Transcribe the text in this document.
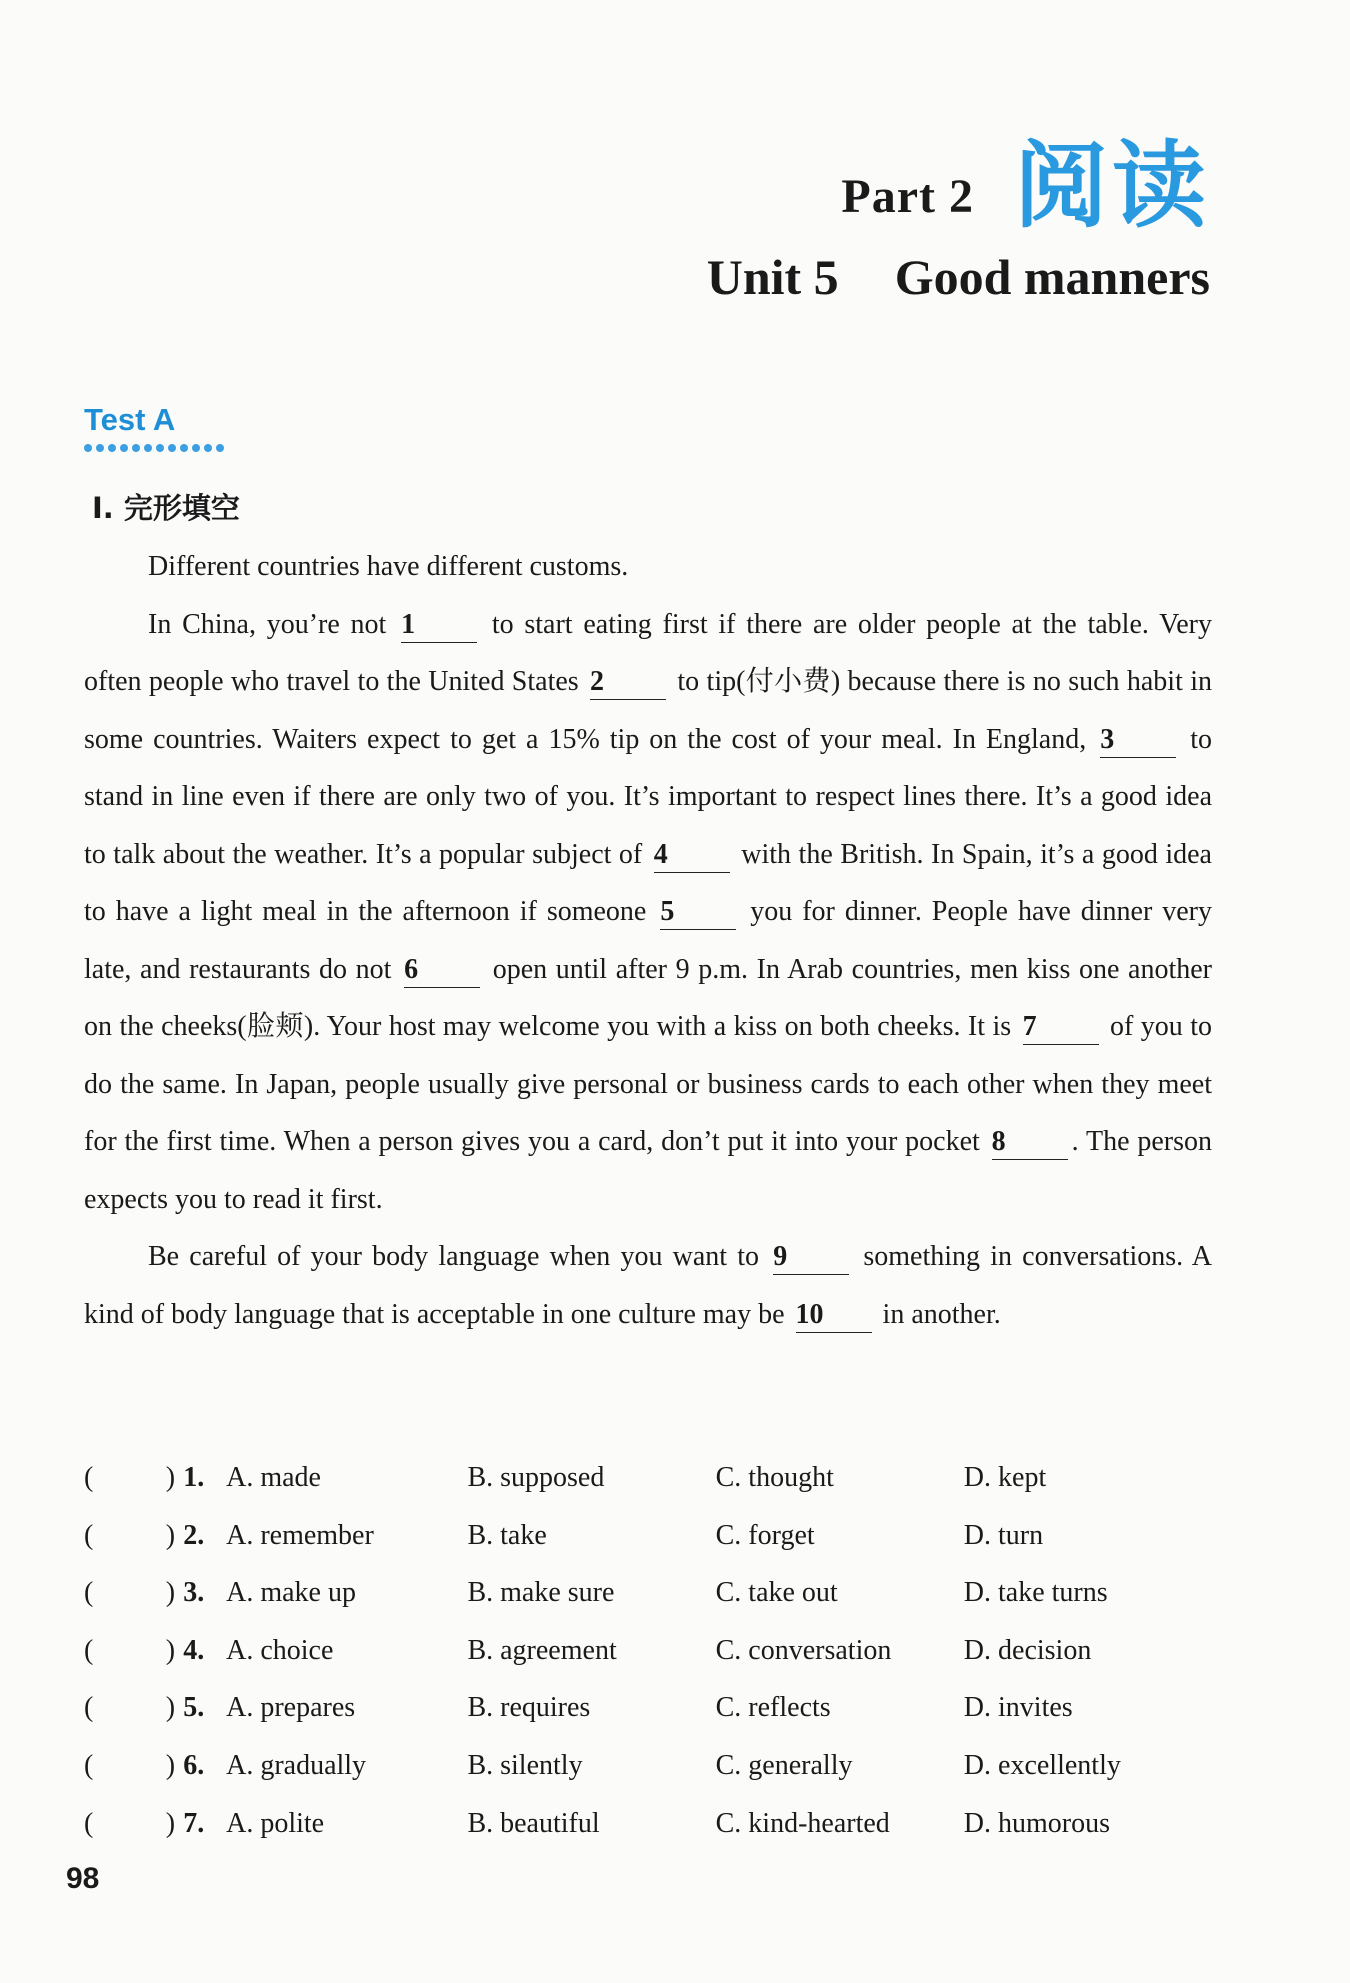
Part 2 阅读
Unit 5 Good manners
Test A
Ⅰ. 完形填空

Different countries have different customs.

In China, you’re not 1 to start eating first if there are older people at the table. Very often people who travel to the United States 2 to tip(付小费) because there is no such habit in some countries. Waiters expect to get a 15% tip on the cost of your meal. In England, 3 to stand in line even if there are only two of you. It’s important to respect lines there. It’s a good idea to talk about the weather. It’s a popular subject of 4 with the British. In Spain, it’s a good idea to have a light meal in the afternoon if someone 5 you for dinner. People have dinner very late, and restaurants do not 6 open until after 9 p.m. In Arab countries, men kiss one another on the cheeks(脸颊). Your host may welcome you with a kiss on both cheeks. It is 7 of you to do the same. In Japan, people usually give personal or business cards to each other when they meet for the first time. When a person gives you a card, don’t put it into your pocket 8 . The person expects you to read it first.

Be careful of your body language when you want to 9 something in conversations. A kind of body language that is acceptable in one culture may be 10 in another.

(	) 1. A. made	B. supposed	C. thought	D. kept
(	) 2. A. remember	B. take	C. forget	D. turn
(	) 3. A. make up	B. make sure	C. take out	D. take turns
(	) 4. A. choice	B. agreement	C. conversation	D. decision
(	) 5. A. prepares	B. requires	C. reflects	D. invites
(	) 6. A. gradually	B. silently	C. generally	D. excellently
(	) 7. A. polite	B. beautiful	C. kind-hearted	D. humorous
98
